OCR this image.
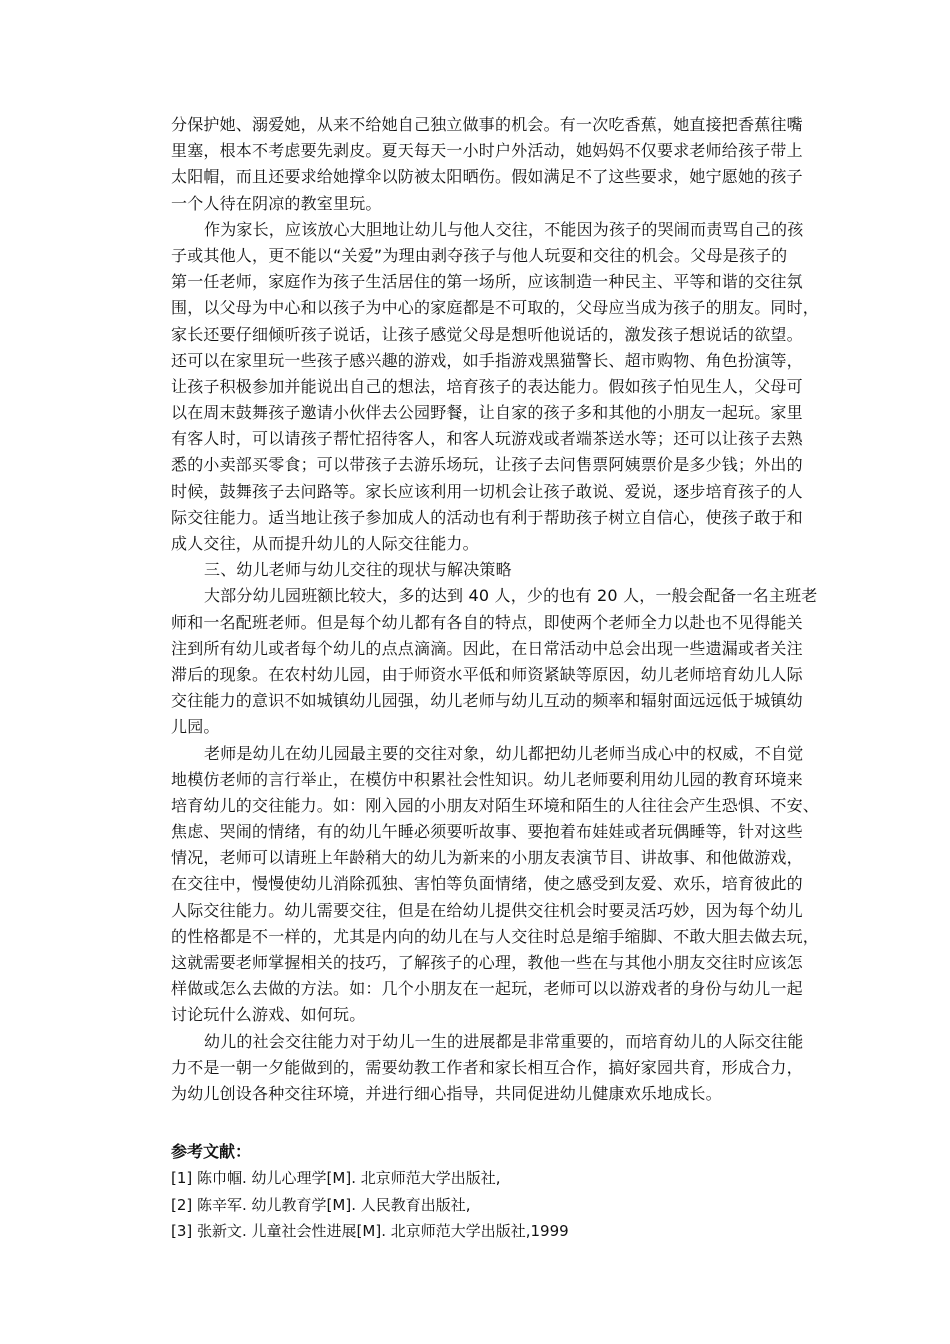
分保护她、溺爱她，从来不给她自己独立做事的机会。有一次吃香蕉，她直接把香蕉往嘴
里塞，根本不考虑要先剥皮。夏天每天一小时户外活动，她妈妈不仅要求老师给孩子带上
太阳帽，而且还要求给她撑伞以防被太阳晒伤。假如满足不了这些要求，她宁愿她的孩子
一个人待在阴凉的教室里玩。
作为家长，应该放心大胆地让幼儿与他人交往，不能因为孩子的哭闹而责骂自己的孩
子或其他人，更不能以“关爱”为理由剥夺孩子与他人玩耍和交往的机会。父母是孩子的
第一任老师，家庭作为孩子生活居住的第一场所，应该制造一种民主、平等和谐的交往氛
围，以父母为中心和以孩子为中心的家庭都是不可取的，父母应当成为孩子的朋友。同时，
家长还要仔细倾听孩子说话，让孩子感觉父母是想听他说话的，激发孩子想说话的欲望。
还可以在家里玩一些孩子感兴趣的游戏，如手指游戏黑猫警长、超市购物、角色扮演等，
让孩子积极参加并能说出自己的想法，培育孩子的表达能力。假如孩子怕见生人，父母可
以在周末鼓舞孩子邀请小伙伴去公园野餐，让自家的孩子多和其他的小朋友一起玩。家里
有客人时，可以请孩子帮忙招待客人，和客人玩游戏或者端茶送水等；还可以让孩子去熟
悉的小卖部买零食；可以带孩子去游乐场玩，让孩子去问售票阿姨票价是多少钱；外出的
时候，鼓舞孩子去问路等。家长应该利用一切机会让孩子敢说、爱说，逐步培育孩子的人
际交往能力。适当地让孩子参加成人的活动也有利于帮助孩子树立自信心，使孩子敢于和
成人交往，从而提升幼儿的人际交往能力。
三、幼儿老师与幼儿交往的现状与解决策略
大部分幼儿园班额比较大，多的达到 40 人，少的也有 20 人，一般会配备一名主班老
师和一名配班老师。但是每个幼儿都有各自的特点，即使两个老师全力以赴也不见得能关
注到所有幼儿或者每个幼儿的点点滴滴。因此，在日常活动中总会出现一些遗漏或者关注
滞后的现象。在农村幼儿园，由于师资水平低和师资紧缺等原因，幼儿老师培育幼儿人际
交往能力的意识不如城镇幼儿园强，幼儿老师与幼儿互动的频率和辐射面远远低于城镇幼
儿园。
老师是幼儿在幼儿园最主要的交往对象，幼儿都把幼儿老师当成心中的权威，不自觉
地模仿老师的言行举止，在模仿中积累社会性知识。幼儿老师要利用幼儿园的教育环境来
培育幼儿的交往能力。如：刚入园的小朋友对陌生环境和陌生的人往往会产生恐惧、不安、
焦虑、哭闹的情绪，有的幼儿午睡必须要听故事、要抱着布娃娃或者玩偶睡等，针对这些
情况，老师可以请班上年龄稍大的幼儿为新来的小朋友表演节目、讲故事、和他做游戏，
在交往中，慢慢使幼儿消除孤独、害怕等负面情绪，使之感受到友爱、欢乐，培育彼此的
人际交往能力。幼儿需要交往，但是在给幼儿提供交往机会时要灵活巧妙，因为每个幼儿
的性格都是不一样的，尤其是内向的幼儿在与人交往时总是缩手缩脚、不敢大胆去做去玩，
这就需要老师掌握相关的技巧，了解孩子的心理，教他一些在与其他小朋友交往时应该怎
样做或怎么去做的方法。如：几个小朋友在一起玩，老师可以以游戏者的身份与幼儿一起
讨论玩什么游戏、如何玩。
幼儿的社会交往能力对于幼儿一生的进展都是非常重要的，而培育幼儿的人际交往能
力不是一朝一夕能做到的，需要幼教工作者和家长相互合作，搞好家园共育，形成合力，
为幼儿创设各种交往环境，并进行细心指导，共同促进幼儿健康欢乐地成长。
参考文献：
[1] 陈巾帼. 幼儿心理学[M]. 北京师范大学出版社,
[2] 陈辛军. 幼儿教育学[M]. 人民教育出版社,
[3] 张新文. 儿童社会性进展[M]. 北京师范大学出版社,1999
